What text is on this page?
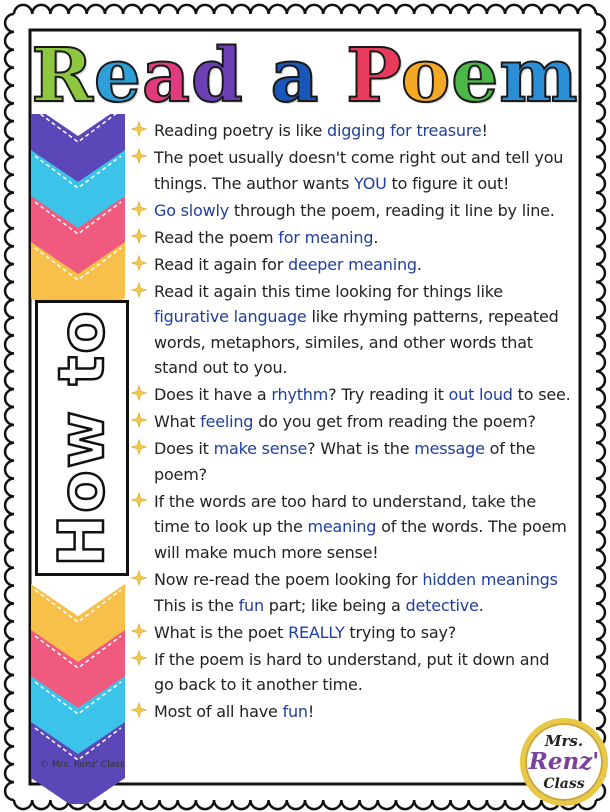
Read a Poem
How to
Reading poetry is like digging for treasure!
The poet usually doesn't come right out and tell you things. The author wants YOU to figure it out!
Go slowly through the poem, reading it line by line.
Read the poem for meaning.
Read it again for deeper meaning.
Read it again this time looking for things like figurative language like rhyming patterns, repeated words, metaphors, similes, and other words that stand out to you.
Does it have a rhythm? Try reading it out loud to see.
What feeling do you get from reading the poem?
Does it make sense? What is the message of the poem?
If the words are too hard to understand, take the time to look up the meaning of the words. The poem will make much more sense!
Now re-read the poem looking for hidden meanings This is the fun part; like being a detective.
What is the poet REALLY trying to say?
If the poem is hard to understand, put it down and go back to it another time.
Most of all have fun!
© Mrs. Renz' Class
Mrs.
Renz'
Class
